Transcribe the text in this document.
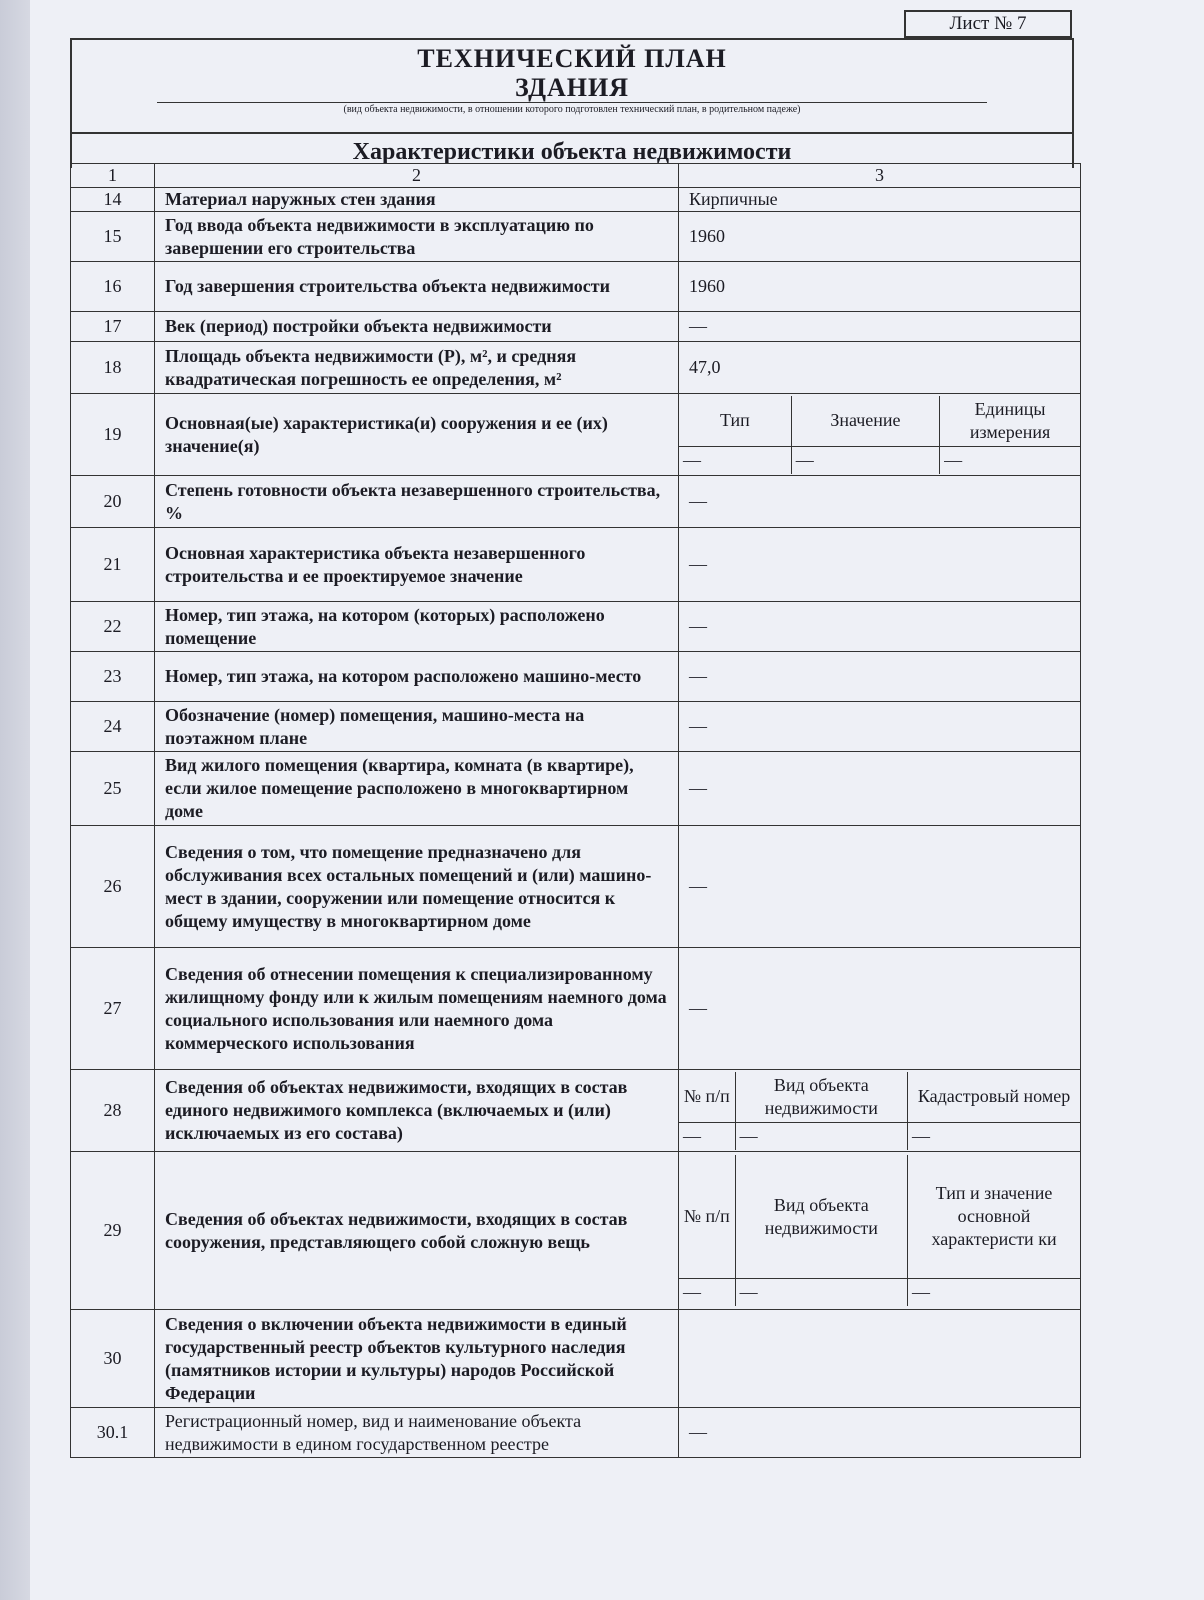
Лист № 7
ТЕХНИЧЕСКИЙ ПЛАН
ЗДАНИЯ
(вид объекта недвижимости, в отношении которого подготовлен технический план, в родительном падеже)
Характеристики объекта недвижимости
1	2	3
14	Материал наружных стен здания	Кирпичные
15	Год ввода объекта недвижимости в эксплуатацию по завершении его строительства	1960
16	Год завершения строительства объекта недвижимости	1960
17	Век (период) постройки объекта недвижимости	—
18	Площадь объекта недвижимости (Р), м², и средняя квадратическая погрешность ее определения, м²	47,0
19	Основная(ые) характеристика(и) сооружения и ее (их) значение(я)	
Тип	Значение	Единицы измерения
—	—	—

20	Степень готовности объекта незавершенного строительства, %	—
21	Основная характеристика объекта незавершенного строительства и ее проектируемое значение	—
22	Номер, тип этажа, на котором (которых) расположено помещение	—
23	Номер, тип этажа, на котором расположено машино-место	—
24	Обозначение (номер) помещения, машино-места на поэтажном плане	—
25	Вид жилого помещения (квартира, комната (в квартире), если жилое помещение расположено в многоквартирном доме	—
26	Сведения о том, что помещение предназначено для обслуживания всех остальных помещений и (или) машино-мест в здании, сооружении или помещение относится к общему имуществу в многоквартирном доме	—
27	Сведения об отнесении помещения к специализированному жилищному фонду или к жилым помещениям наемного дома социального использования или наемного дома коммерческого использования	—
28	Сведения об объектах недвижимости, входящих в состав единого недвижимого комплекса (включаемых и (или) исключаемых из его состава)	
№ п/п	Вид объекта недвижимости	Кадастровый номер
—	—	—

29	Сведения об объектах недвижимости, входящих в состав сооружения, представляющего собой сложную вещь	
№ п/п	Вид объекта недвижимости	Тип и значение основной характеристи ки
—	—	—

30	Сведения о включении объекта недвижимости в единый государственный реестр объектов культурного наследия (памятников истории и культуры) народов Российской Федерации	
30.1	Регистрационный номер, вид и наименование объекта недвижимости в едином государственном реестре	—
